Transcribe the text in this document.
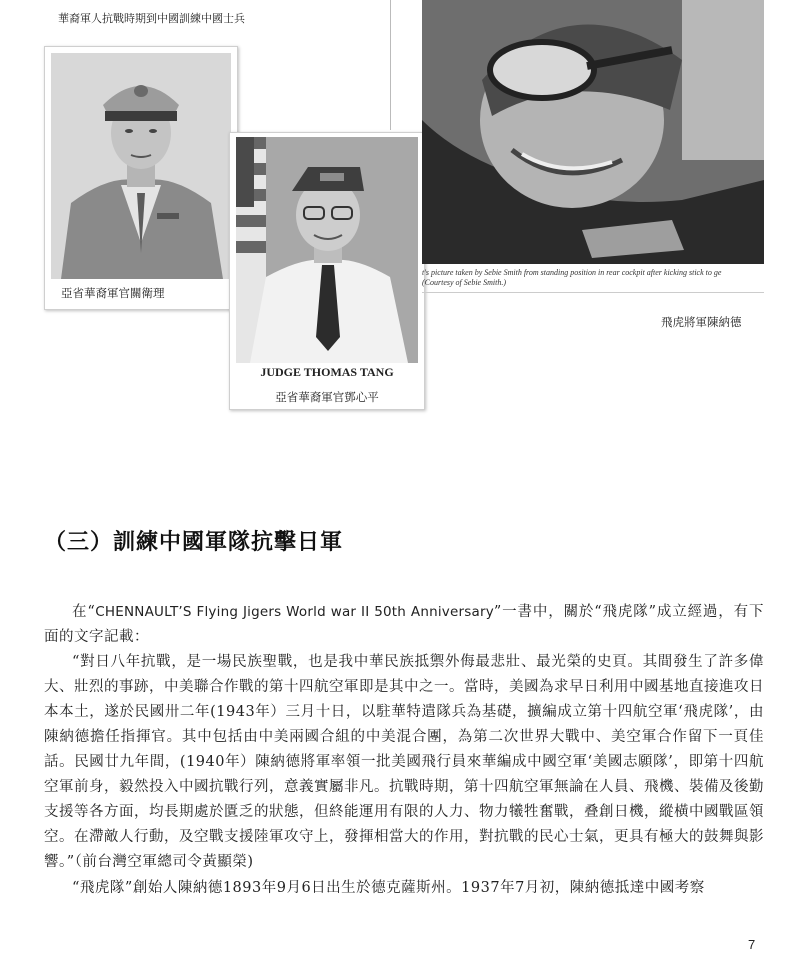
華裔軍人抗戰時期到中國訓練中國士兵
亞省華裔軍官關衛理
JUDGE THOMAS TANG
亞省華裔軍官鄧心平
t's picture taken by Sebie Smith from standing position in rear cockpit after kicking stick to ge
(Courtesy of Sebie Smith.)
飛虎將軍陳納德
（三）訓練中國軍隊抗擊日軍
在“CHENNAULT’S Flying Jigers World war II 50th Anniversary”一書中，關於“飛虎隊”成立經過，有下面的文字記載：
“對日八年抗戰，是一場民族聖戰，也是我中華民族抵禦外侮最悲壯、最光榮的史頁。其間發生了許多偉大、壯烈的事跡，中美聯合作戰的第十四航空軍即是其中之一。當時，美國為求早日利用中國基地直接進攻日本本土，遂於民國卅二年(1943年）三月十日，以駐華特遣隊兵為基礎，擴編成立第十四航空軍‘飛虎隊’，由陳納德擔任指揮官。其中包括由中美兩國合組的中美混合團，為第二次世界大戰中、美空軍合作留下一頁佳話。民國廿九年間，(1940年）陳納德將軍率領一批美國飛行員來華編成中國空軍‘美國志願隊’，即第十四航空軍前身，毅然投入中國抗戰行列，意義實屬非凡。抗戰時期，第十四航空軍無論在人員、飛機、裝備及後勤支援等各方面，均長期處於匱乏的狀態，但終能運用有限的人力、物力犧牲奮戰，叠創日機，縱橫中國戰區領空。在滯敵人行動，及空戰支援陸軍攻守上，發揮相當大的作用，對抗戰的民心士氣，更具有極大的鼓舞與影響。”（前台灣空軍總司令黃顯榮)
“飛虎隊”創始人陳納德1893年9月6日出生於德克薩斯州。1937年7月初，陳納德抵達中國考察
7
